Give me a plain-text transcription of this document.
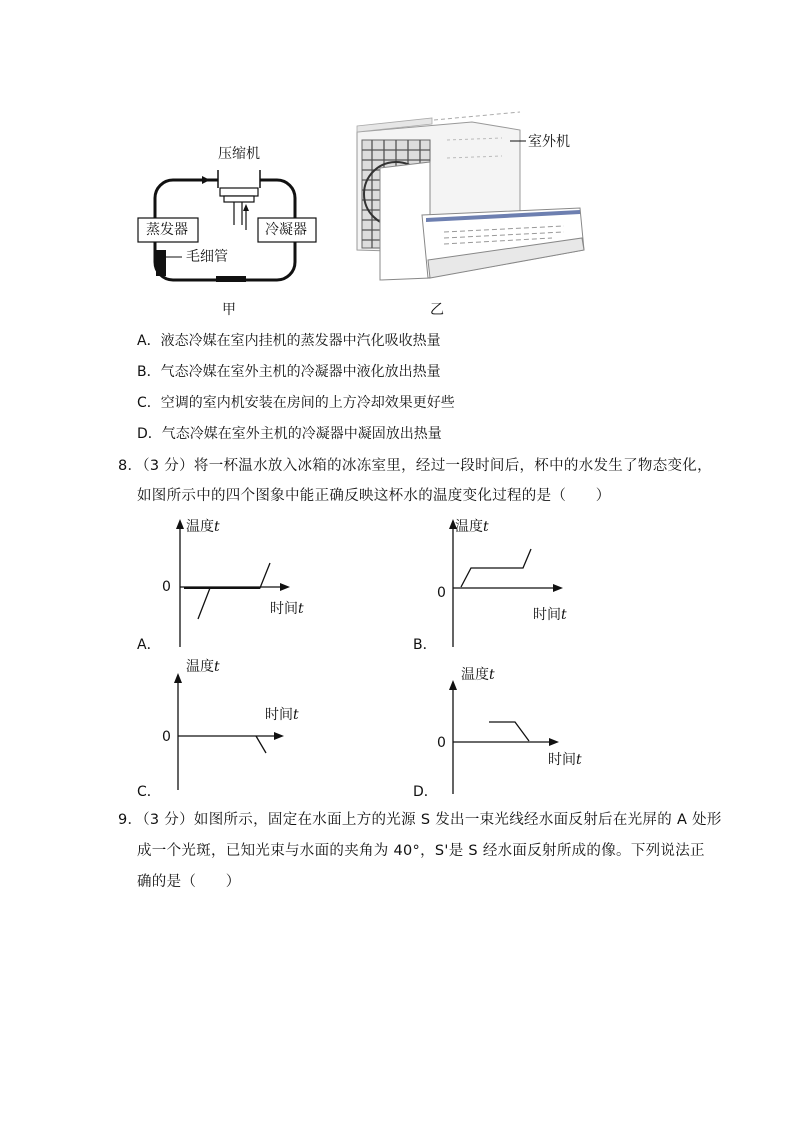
压缩机
蒸发器	冷凝器
毛细管
甲
室外机
乙
A．液态冷媒在室内挂机的蒸发器中汽化吸收热量
B．气态冷媒在室外主机的冷凝器中液化放出热量
C．空调的室内机安装在房间的上方冷却效果更好些
D．气态冷媒在室外主机的冷凝器中凝固放出热量
8．（3 分）将一杯温水放入冰箱的冰冻室里，经过一段时间后，杯中的水发生了物态变化，
如图所示中的四个图象中能正确反映这杯水的温度变化过程的是（　　）
温度t
0
时间t
A．
温度t
0
时间t
B．
温度t
0
时间t
C．
温度t
0
时间t
D．
9．（3 分）如图所示，固定在水面上方的光源 S 发出一束光线经水面反射后在光屏的 A 处形
成一个光斑，已知光束与水面的夹角为 40°，S'是 S 经水面反射所成的像。下列说法正
确的是（　　）
